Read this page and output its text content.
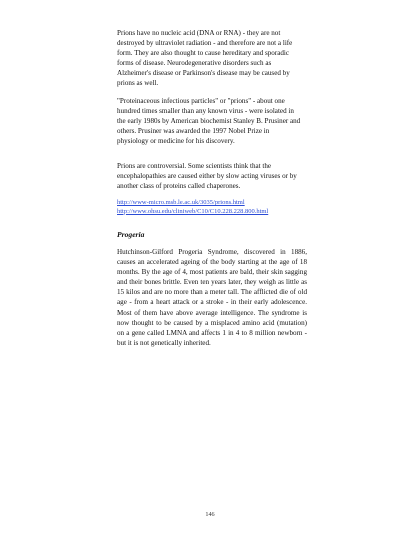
Prions have no nucleic acid (DNA or RNA) - they are not destroyed by ultraviolet radiation - and therefore are not a life form. They are also thought to cause hereditary and sporadic forms of disease. Neurodegenerative disorders such as Alzheimer's disease or Parkinson's disease may be caused by prions as well.

"Proteinaceous infectious particles" or "prions" - about one hundred times smaller than any known virus - were isolated in the early 1980s by American biochemist Stanley B. Prusiner and others. Prusiner was awarded the 1997 Nobel Prize in physiology or medicine for his discovery.

Prions are controversial. Some scientists think that the encephalopathies are caused either by slow acting viruses or by another class of proteins called chaperones.

http://www-micro.msb.le.ac.uk/3035/prions.html
http://www.ohsu.edu/cliniweb/C10/C10.228.228.800.html
Progeria

Hutchinson-Gilford Progeria Syndrome, discovered in 1886, causes an accelerated ageing of the body starting at the age of 18 months. By the age of 4, most patients are bald, their skin sagging and their bones brittle. Even ten years later, they weigh as little as 15 kilos and are no more than a meter tall. The afflicted die of old age - from a heart attack or a stroke - in their early adolescence. Most of them have above average intelligence. The syndrome is now thought to be caused by a misplaced amino acid (mutation) on a gene called LMNA and affects 1 in 4 to 8 million newborn - but it is not genetically inherited.

146
